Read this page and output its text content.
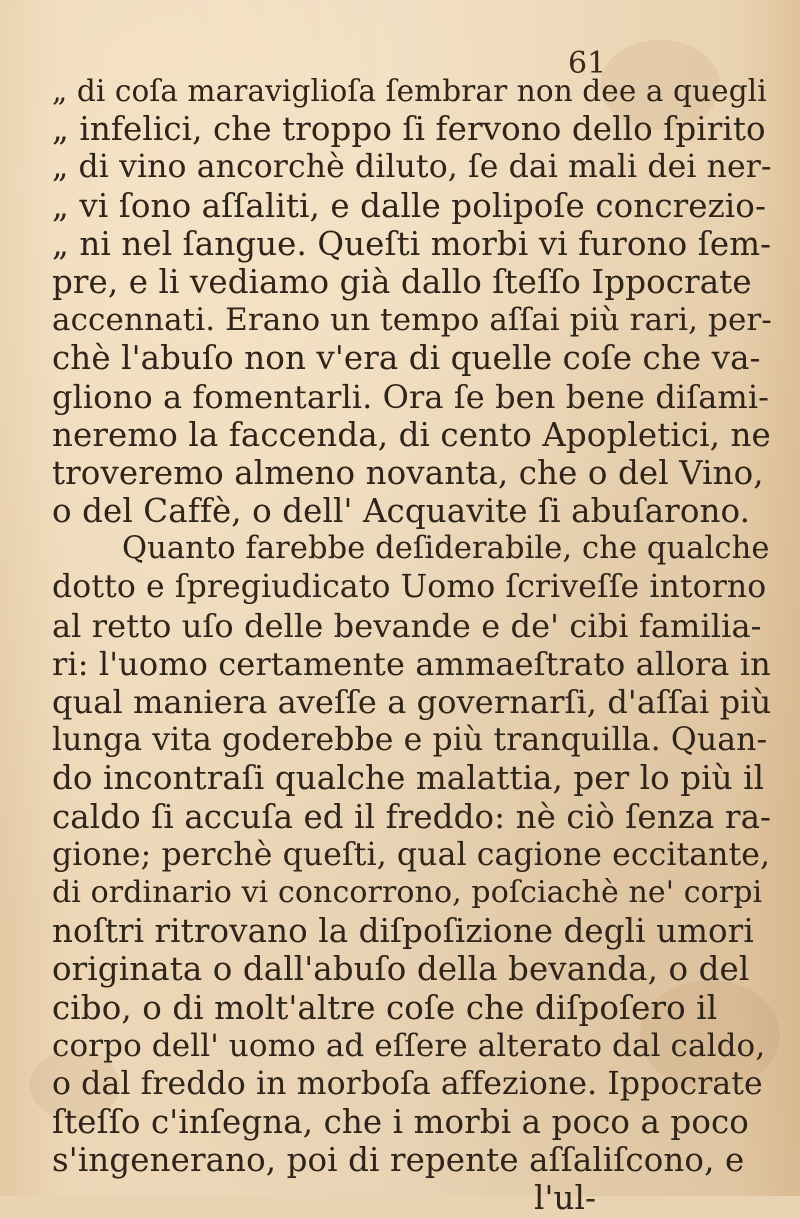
61
„ di coſa maraviglioſa ſembrar non dee a quegli
„ infelici, che troppo ſi fervono dello ſpirito
„ di vino ancorchè diluto, ſe dai mali dei ner-
„ vi ſono aſſaliti, e dalle polipoſe concrezio-
„ ni nel ſangue. Queſti morbi vi furono ſem-
pre, e li vediamo già dallo ſteſſo Ippocrate
accennati. Erano un tempo aſſai più rari, per-
chè l'abuſo non v'era di quelle coſe che va-
gliono a fomentarli. Ora ſe ben bene diſami-
neremo la faccenda, di cento Apopletici, ne
troveremo almeno novanta, che o del Vino,
o del Caffè, o dell' Acquavite ſi abuſarono.
Quanto farebbe deſiderabile, che qualche
dotto e ſpregiudicato Uomo ſcriveſſe intorno
al retto uſo delle bevande e de' cibi familia-
ri: l'uomo certamente ammaeſtrato allora in
qual maniera aveſſe a governarſi, d'aſſai più
lunga vita goderebbe e più tranquilla. Quan-
do incontraſi qualche malattia, per lo più il
caldo ſi accuſa ed il freddo: nè ciò ſenza ra-
gione; perchè queſti, qual cagione eccitante,
di ordinario vi concorrono, poſciachè ne' corpi
noſtri ritrovano la diſpoſizione degli umori
originata o dall'abuſo della bevanda, o del
cibo, o di molt'altre coſe che diſpoſero il
corpo dell' uomo ad eſſere alterato dal caldo,
o dal freddo in morboſa affezione. Ippocrate
ſteſſo c'inſegna, che i morbi a poco a poco
s'ingenerano, poi di repente aſſaliſcono, e
l'ul-
